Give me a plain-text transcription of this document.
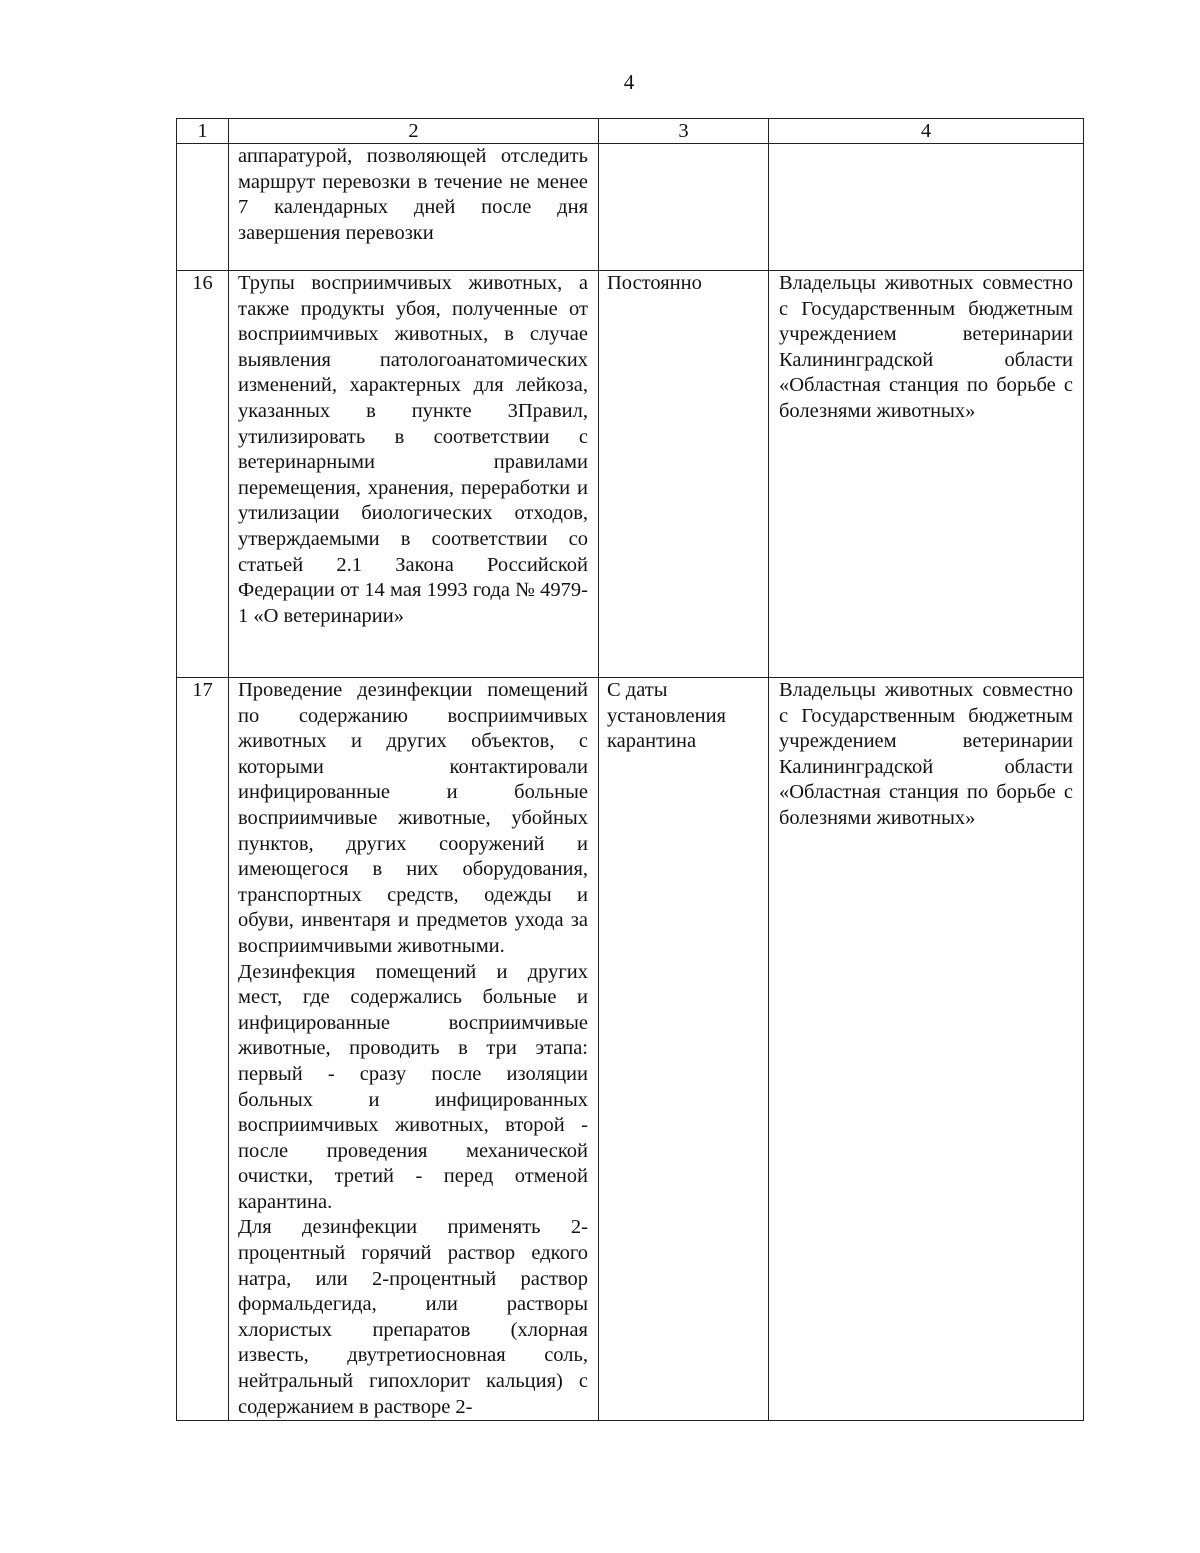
4
1	2	3	4

	аппаратурой, позволяющей отследить маршрут перевозки в течение не менее 7 календарных дней после дня завершения перевозки		

16	Трупы восприимчивых животных, а также продукты убоя, полученные от восприимчивых животных, в случае выявления патологоанатомических изменений, характерных для лейкоза, указанных в пункте 3Правил, утилизировать в соответствии с ветеринарными правилами перемещения, хранения, переработки и утилизации биологических отходов, утверждаемыми в соответствии со статьей 2.1 Закона Российской Федерации от 14 мая 1993 года № 4979-1 «О ветеринарии»	Постоянно	Владельцы животных совместно с Государственным бюджетным учреждением ветеринарии Калининградской области «Областная станция по борьбе с болезнями животных»

17	Проведение дезинфекции помещений по содержанию восприимчивых животных и других объектов, с которыми контактировали инфицированные и больные восприимчивые животные, убойных пунктов, других сооружений и имеющегося в них оборудования, транспортных средств, одежды и обуви, инвентаря и предметов ухода за восприимчивыми животными.

Дезинфекция помещений и других мест, где содержались больные и инфицированные восприимчивые животные, проводить в три этапа: первый - сразу после изоляции больных и инфицированных восприимчивых животных, второй - после проведения механической очистки, третий - перед отменой карантина.

Для дезинфекции применять 2-процентный горячий раствор едкого натра, или 2-процентный раствор формальдегида, или растворы хлористых препаратов (хлорная известь, двутретиосновная соль, нейтральный гипохлорит кальция) с содержанием в растворе 2-	С даты установления карантина	Владельцы животных совместно с Государственным бюджетным учреждением ветеринарии Калининградской области «Областная станция по борьбе с болезнями животных»
